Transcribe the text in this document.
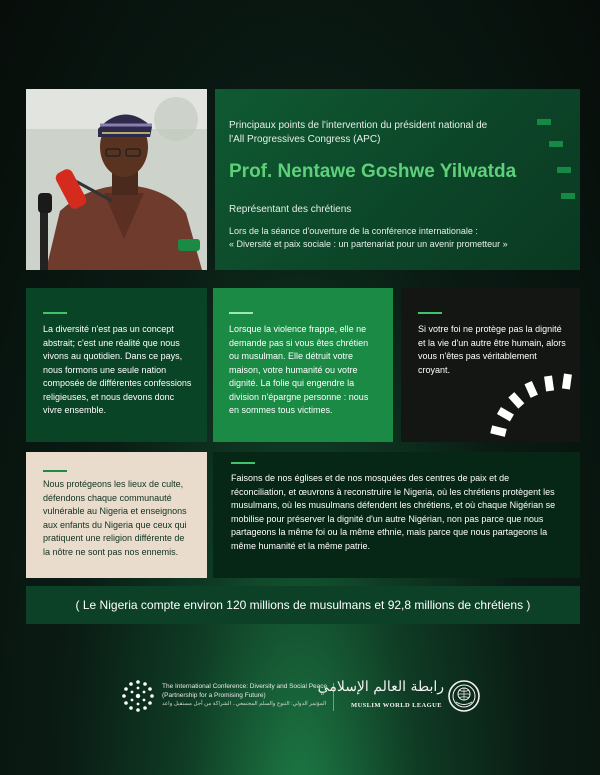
Principaux points de l'intervention du président national de l'All Progressives Congress (APC)
Prof. Nentawe Goshwe Yilwatda
Représentant des chrétiens
Lors de la séance d'ouverture de la conférence internationale :
« Diversité et paix sociale : un partenariat pour un avenir prometteur »
La diversité n'est pas un concept abstrait; c'est une réalité que nous vivons au quotidien. Dans ce pays, nous formons une seule nation composée de différentes confessions religieuses, et nous devons donc vivre ensemble.
Lorsque la violence frappe, elle ne demande pas si vous êtes chrétien ou musulman. Elle détruit votre maison, votre humanité ou votre dignité. La folie qui engendre la division n'épargne personne : nous en sommes tous victimes.
Si votre foi ne protège pas la dignité et la vie d'un autre être humain, alors vous n'êtes pas véritablement croyant.
Nous protégeons les lieux de culte, défendons chaque communauté vulnérable au Nigeria et enseignons aux enfants du Nigeria que ceux qui pratiquent une religion différente de la nôtre ne sont pas nos ennemis.
Faisons de nos églises et de nos mosquées des centres de paix et de réconciliation, et œuvrons à reconstruire le Nigeria, où les chrétiens protègent les musulmans, où les musulmans défendent les chrétiens, et où chaque Nigérian se mobilise pour préserver la dignité d'un autre Nigérian, non pas parce que nous partageons la même foi ou la même ethnie, mais parce que nous partageons la même humanité et la même patrie.
( Le Nigeria compte environ 120 millions de musulmans et 92,8 millions de chrétiens )
The International Conference: Diversity and Social Peace (Partnership for a Promising Future)
المؤتمر الدولي: التنوع والسلم المجتمعي.. الشراكة من أجل مستقبل واعد
رابطة العالم الإسلامي
MUSLIM WORLD LEAGUE
